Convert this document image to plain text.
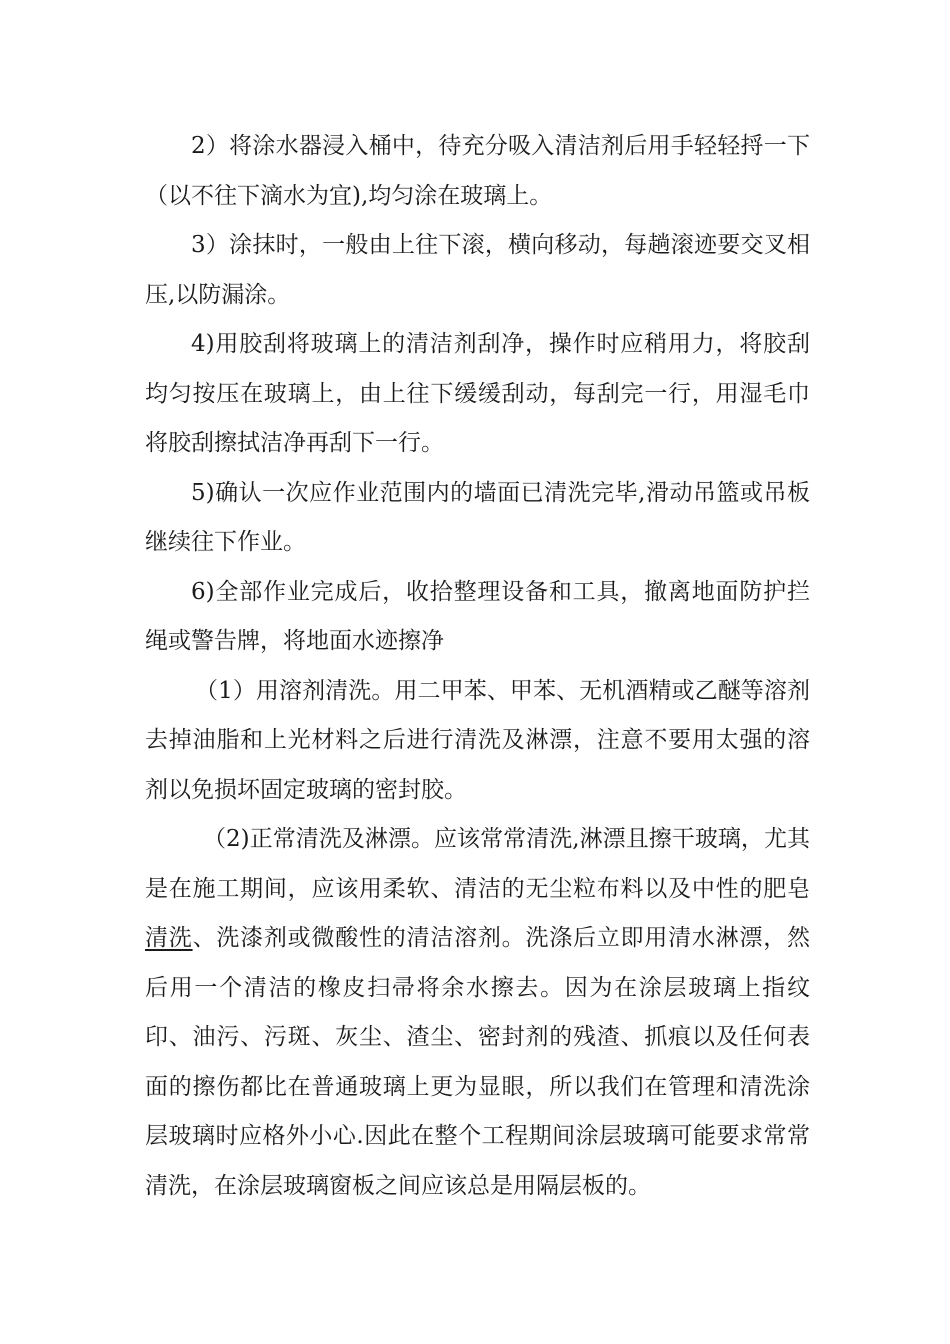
2）将涂水器浸入桶中，待充分吸入清洁剂后用手轻轻捋一下（以不往下滴水为宜),均匀涂在玻璃上。

3）涂抹时，一般由上往下滚，横向移动，每趟滚迹要交叉相压,以防漏涂。

4)用胶刮将玻璃上的清洁剂刮净，操作时应稍用力，将胶刮均匀按压在玻璃上，由上往下缓缓刮动，每刮完一行，用湿毛巾将胶刮擦拭洁净再刮下一行。

5)确认一次应作业范围内的墙面已清洗完毕,滑动吊篮或吊板继续往下作业。

6)全部作业完成后，收拾整理设备和工具，撤离地面防护拦绳或警告牌，将地面水迹擦净

（1）用溶剂清洗。用二甲苯、甲苯、无机酒精或乙醚等溶剂去掉油脂和上光材料之后进行清洗及淋漂，注意不要用太强的溶剂以免损坏固定玻璃的密封胶。

（2)正常清洗及淋漂。应该常常清洗,淋漂且擦干玻璃，尤其是在施工期间，应该用柔软、清洁的无尘粒布料以及中性的肥皂清洗、洗漆剂或微酸性的清洁溶剂。洗涤后立即用清水淋漂，然后用一个清洁的橡皮扫帚将余水擦去。因为在涂层玻璃上指纹印、油污、污斑、灰尘、渣尘、密封剂的残渣、抓痕以及任何表面的擦伤都比在普通玻璃上更为显眼，所以我们在管理和清洗涂层玻璃时应格外小心.因此在整个工程期间涂层玻璃可能要求常常清洗，在涂层玻璃窗板之间应该总是用隔层板的。
